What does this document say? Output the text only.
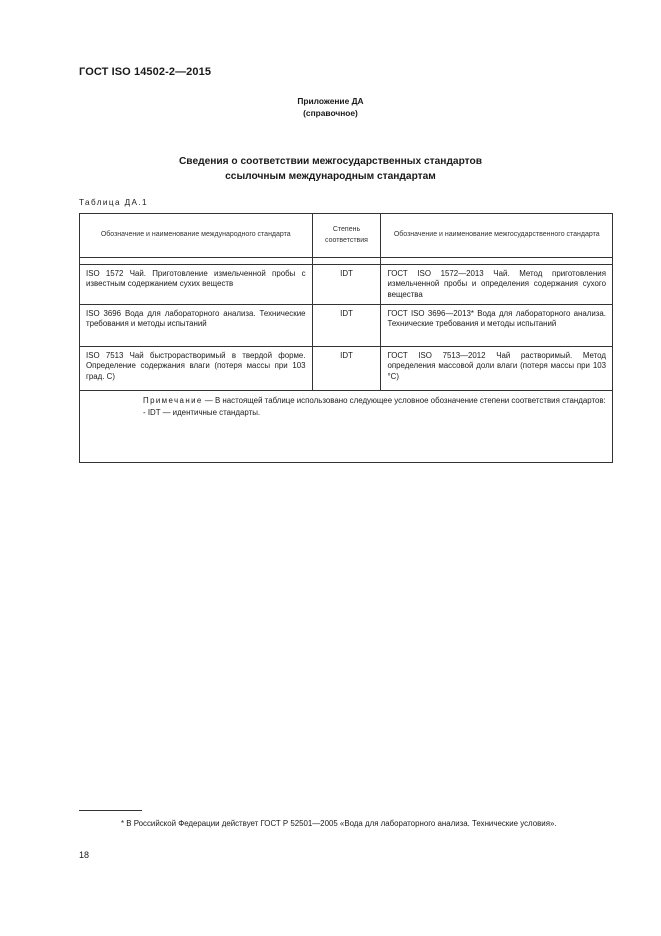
ГОСТ ISO 14502-2—2015
Приложение ДА
(справочное)
Сведения о соответствии межгосударственных стандартов
ссылочным международным стандартам
Таблица ДА.1
Обозначение и наименование международного стандарта	Степень соответствия	Обозначение и наименование межгосударственного стандарта

ISO 1572 Чай. Приготовление измельченной пробы с известным содержанием сухих веществ	IDT	ГОСТ ISO 1572—2013 Чай. Метод приготовления измельченной пробы и определения содержания сухого вещества
ISO 3696 Вода для лабораторного анализа. Технические требования и методы испытаний	IDT	ГОСТ ISO 3696—2013* Вода для лабораторного анализа. Технические требования и методы испытаний
ISO 7513 Чай быстрорастворимый в твердой форме. Определение содержания влаги (потеря массы при 103 град. С)	IDT	ГОСТ ISO 7513—2012 Чай растворимый. Метод определения массовой доли влаги (потеря массы при 103 °С)

Примечание — В настоящей таблице использовано следующее условное обозначение степени соответствия стандартов:
- IDT — идентичные стандарты.		
* В Российской Федерации действует ГОСТ Р 52501—2005 «Вода для лабораторного анализа. Технические условия».
18
